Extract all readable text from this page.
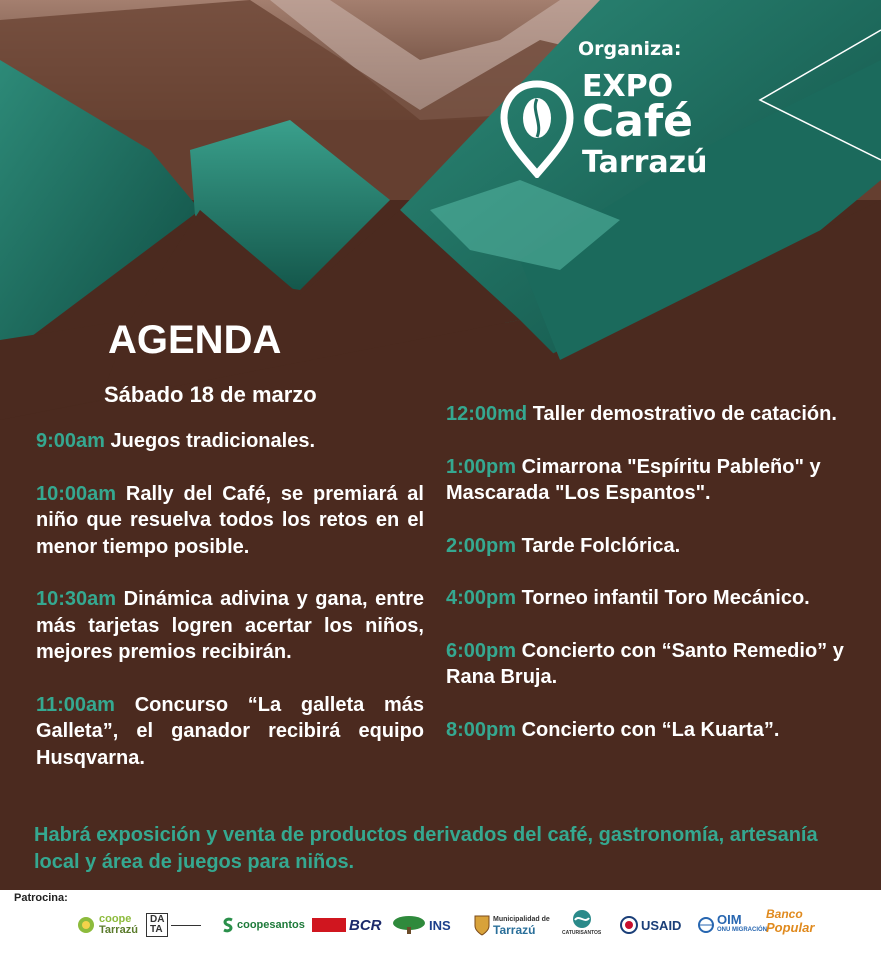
Organiza:
EXPO
Café
Tarrazú
AGENDA
Sábado 18 de marzo

9:00am Juegos tradicionales.

10:00am Rally del Café, se premiará al niño que resuelva todos los retos en el menor tiempo posible.

10:30am Dinámica adivina y gana, entre más tarjetas logren acertar los niños, mejores premios recibirán.

11:00am Concurso “La galleta más Galleta”, el ganador recibirá equipo Husqvarna.

12:00md Taller demostrativo de catación.

1:00pm Cimarrona "Espíritu Pableño" y Mascarada "Los Espantos".

2:00pm Tarde Folclórica.

4:00pm Torneo infantil Toro Mecánico.

6:00pm Concierto con “Santo Remedio” y Rana Bruja.

8:00pm Concierto con “La Kuarta”.

Habrá exposición y venta de productos derivados del café, gastronomía, artesanía local y área de juegos para niños.
Patrocina:
coope
Tarrazú
DA
TA	coopesantos	BCR	INS	Municipalidad de
Tarrazú	CATURISANTOS
USAID	OIM
ONU MIGRACIÓN
Banco
Popular
